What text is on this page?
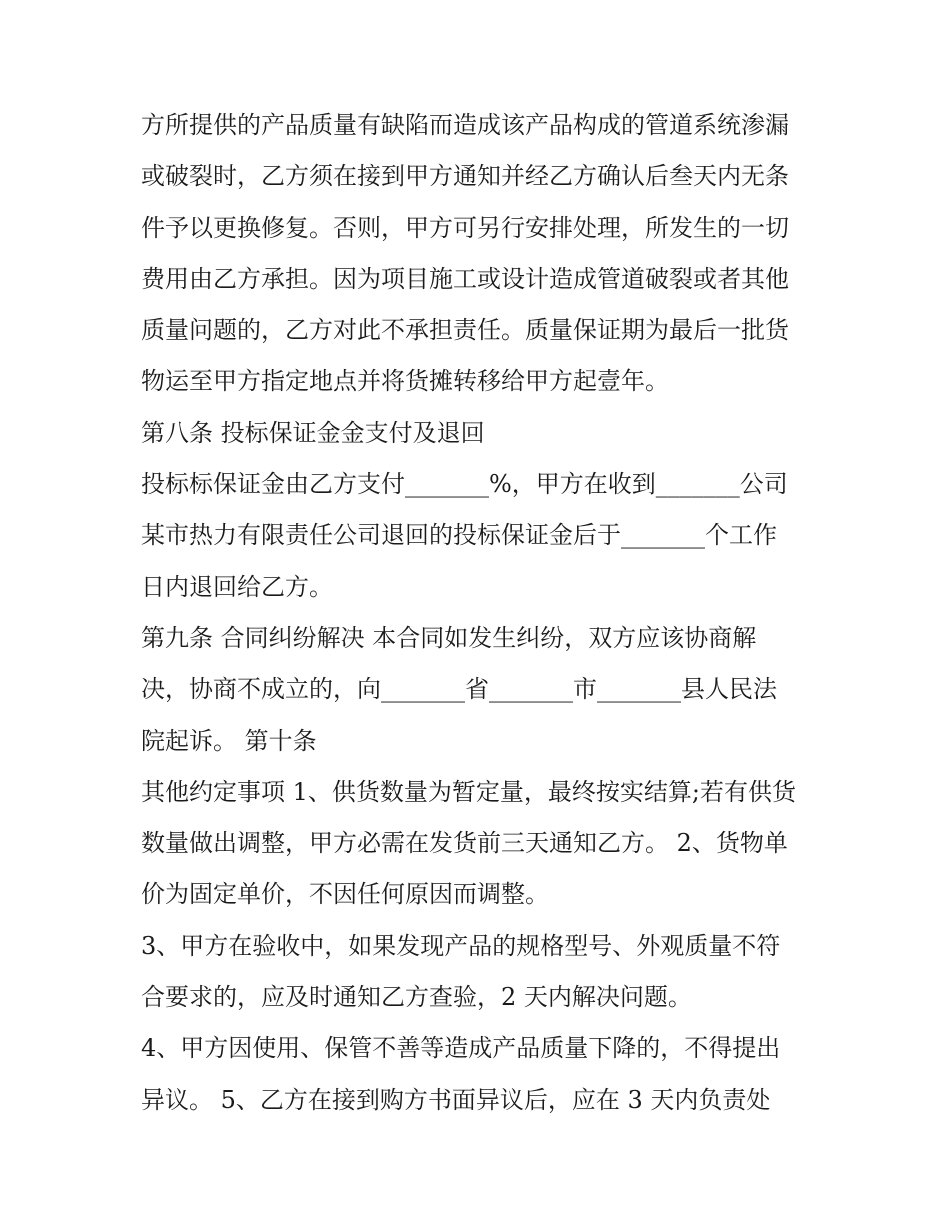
方所提供的产品质量有缺陷而造成该产品构成的管道系统渗漏
或破裂时，乙方须在接到甲方通知并经乙方确认后叁天内无条
件予以更换修复。否则，甲方可另行安排处理，所发生的一切
费用由乙方承担。因为项目施工或设计造成管道破裂或者其他
质量问题的，乙方对此不承担责任。质量保证期为最后一批货
物运至甲方指定地点并将货摊转移给甲方起壹年。
第八条 投标保证金金支付及退回
投标标保证金由乙方支付_______%，甲方在收到_______公司
某市热力有限责任公司退回的投标保证金后于_______个工作
日内退回给乙方。
第九条 合同纠纷解决 本合同如发生纠纷，双方应该协商解
决，协商不成立的，向_______省_______市_______县人民法
院起诉。 第十条
其他约定事项 1、供货数量为暂定量，最终按实结算;若有供货
数量做出调整，甲方必需在发货前三天通知乙方。 2、货物单
价为固定单价，不因任何原因而调整。
3、甲方在验收中，如果发现产品的规格型号、外观质量不符
合要求的，应及时通知乙方查验，2 天内解决问题。
4、甲方因使用、保管不善等造成产品质量下降的，不得提出
异议。 5、乙方在接到购方书面异议后，应在 3 天内负责处
